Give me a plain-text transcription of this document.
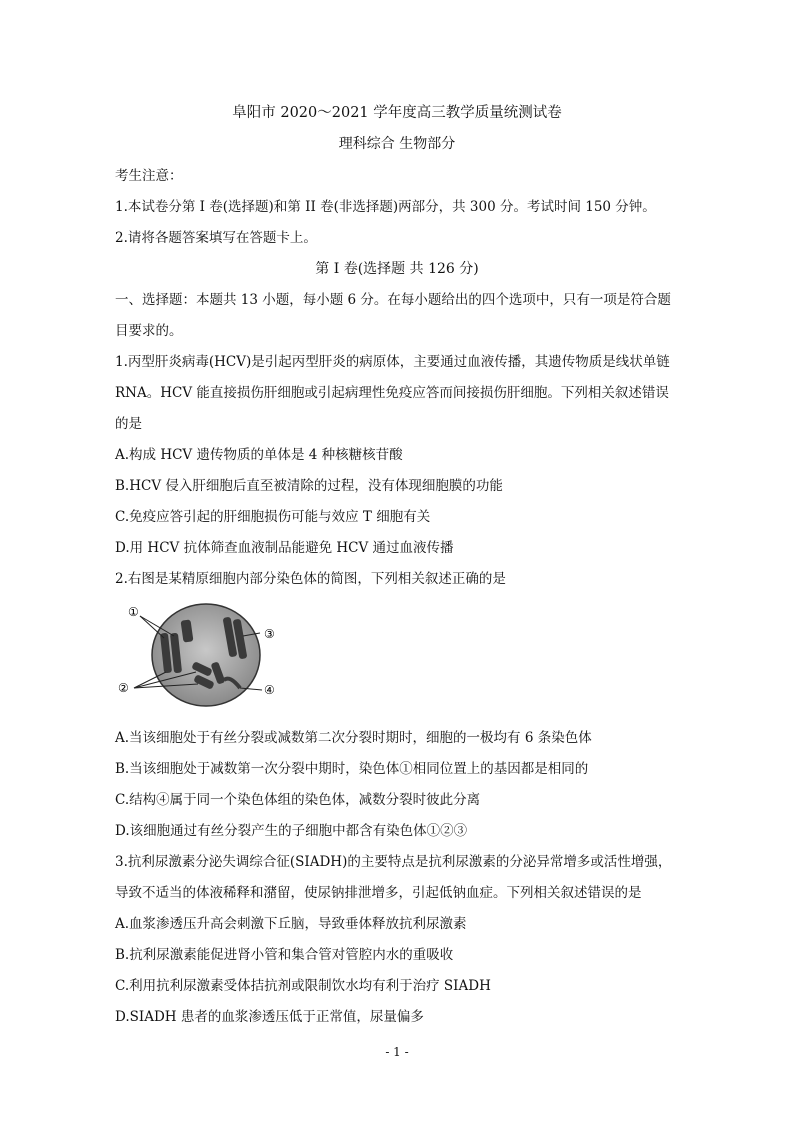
阜阳市 2020～2021 学年度高三教学质量统测试卷
理科综合 生物部分
考生注意：
1.本试卷分第 I 卷(选择题)和第 II 卷(非选择题)两部分，共 300 分。考试时间 150 分钟。
2.请将各题答案填写在答题卡上。
第 I 卷(选择题 共 126 分)
一、选择题：本题共 13 小题，每小题 6 分。在每小题给出的四个选项中，只有一项是符合题
目要求的。
1.丙型肝炎病毒(HCV)是引起丙型肝炎的病原体，主要通过血液传播，其遗传物质是线状单链
RNA。HCV 能直接损伤肝细胞或引起病理性免疫应答而间接损伤肝细胞。下列相关叙述错误
的是
A.构成 HCV 遗传物质的单体是 4 种核糖核苷酸
B.HCV 侵入肝细胞后直至被清除的过程，没有体现细胞膜的功能
C.免疫应答引起的肝细胞损伤可能与效应 T 细胞有关
D.用 HCV 抗体筛查血液制品能避免 HCV 通过血液传播
2.右图是某精原细胞内部分染色体的简图，下列相关叙述正确的是
①
③
②	④
A.当该细胞处于有丝分裂或减数第二次分裂时期时，细胞的一极均有 6 条染色体
B.当该细胞处于减数第一次分裂中期时，染色体①相同位置上的基因都是相同的
C.结构④属于同一个染色体组的染色体，减数分裂时彼此分离
D.该细胞通过有丝分裂产生的子细胞中都含有染色体①②③
3.抗利尿激素分泌失调综合征(SIADH)的主要特点是抗利尿激素的分泌异常增多或活性增强，
导致不适当的体液稀释和潴留，使尿钠排泄增多，引起低钠血症。下列相关叙述错误的是
A.血浆渗透压升高会刺激下丘脑，导致垂体释放抗利尿激素
B.抗利尿激素能促进肾小管和集合管对管腔内水的重吸收
C.利用抗利尿激素受体拮抗剂或限制饮水均有利于治疗 SIADH
D.SIADH 患者的血浆渗透压低于正常值，尿量偏多
- 1 -
